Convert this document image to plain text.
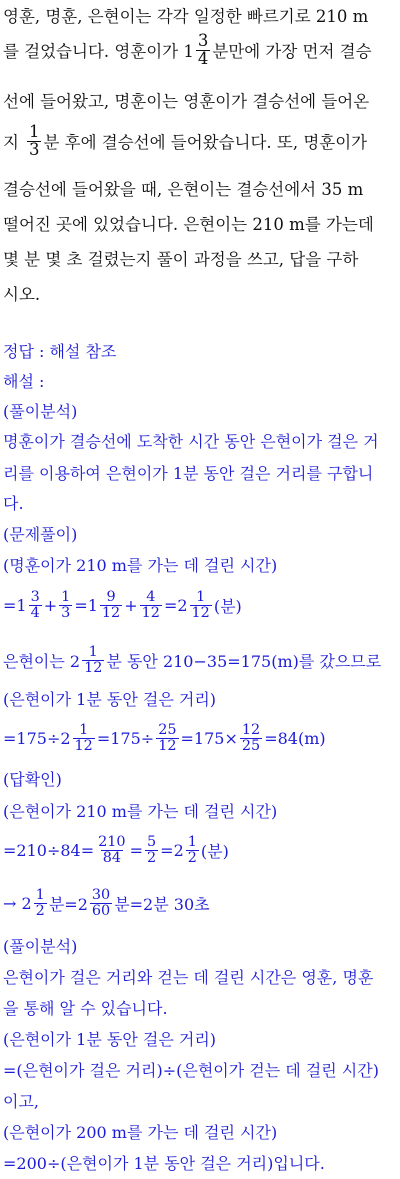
영훈, 명훈, 은현이는 각각 일정한 빠르기로 210 m
를 걸었습니다. 영훈이가 $1 \frac{3}{4}$ 분만에 가장 먼저 결승
선에 들어왔고, 명훈이는 영훈이가 결승선에 들어온
지 $\frac{1}{3}$ 분 후에 결승선에 들어왔습니다. 또, 명훈이가
결승선에 들어왔을 때, 은현이는 결승선에서 35 m
떨어진 곳에 있었습니다. 은현이는 210 m를 가는데
몇 분 몇 초 걸렸는지 풀이 과정을 쓰고, 답을 구하
시오.
정답 : 해설 참조
해설 :
(풀이분석)
명훈이가 결승선에 도착한 시간 동안 은현이가 걸은 거
리를 이용하여 은현이가 1분 동안 걸은 거리를 구합니
다.
(문제풀이)
(명훈이가 210 m를 가는 데 걸린 시간)
$=1 \frac{3}{4} + \frac{1}{3} =1 \frac{9}{12} + \frac{4}{12} =2 \frac{1}{12}$ (분)
은현이는 $2 \frac{1}{12}$ 분 동안 210−35=175(m)를 갔으므로
(은현이가 1분 동안 걸은 거리)
$=175\div 2 \frac{1}{12} =175\div \frac{25}{12} =175\times \frac{12}{25} =84(m)$
(답확인)
(은현이가 210 m를 가는 데 걸린 시간)
$=210\div 84= \frac{210}{84} = \frac{5}{2} =2 \frac{1}{2}$ (분)
→ $2 \frac{1}{2}$ 분$=2 \frac{30}{60}$ 분=2분 30초
(풀이분석)
은현이가 걸은 거리와 걷는 데 걸린 시간은 영훈, 명훈
을 통해 알 수 있습니다.
(은현이가 1분 동안 걸은 거리)
=(은현이가 걸은 거리)÷(은현이가 걷는 데 걸린 시간)
이고,
(은현이가 200 m를 가는 데 걸린 시간)
=200÷(은현이가 1분 동안 걸은 거리)입니다.
